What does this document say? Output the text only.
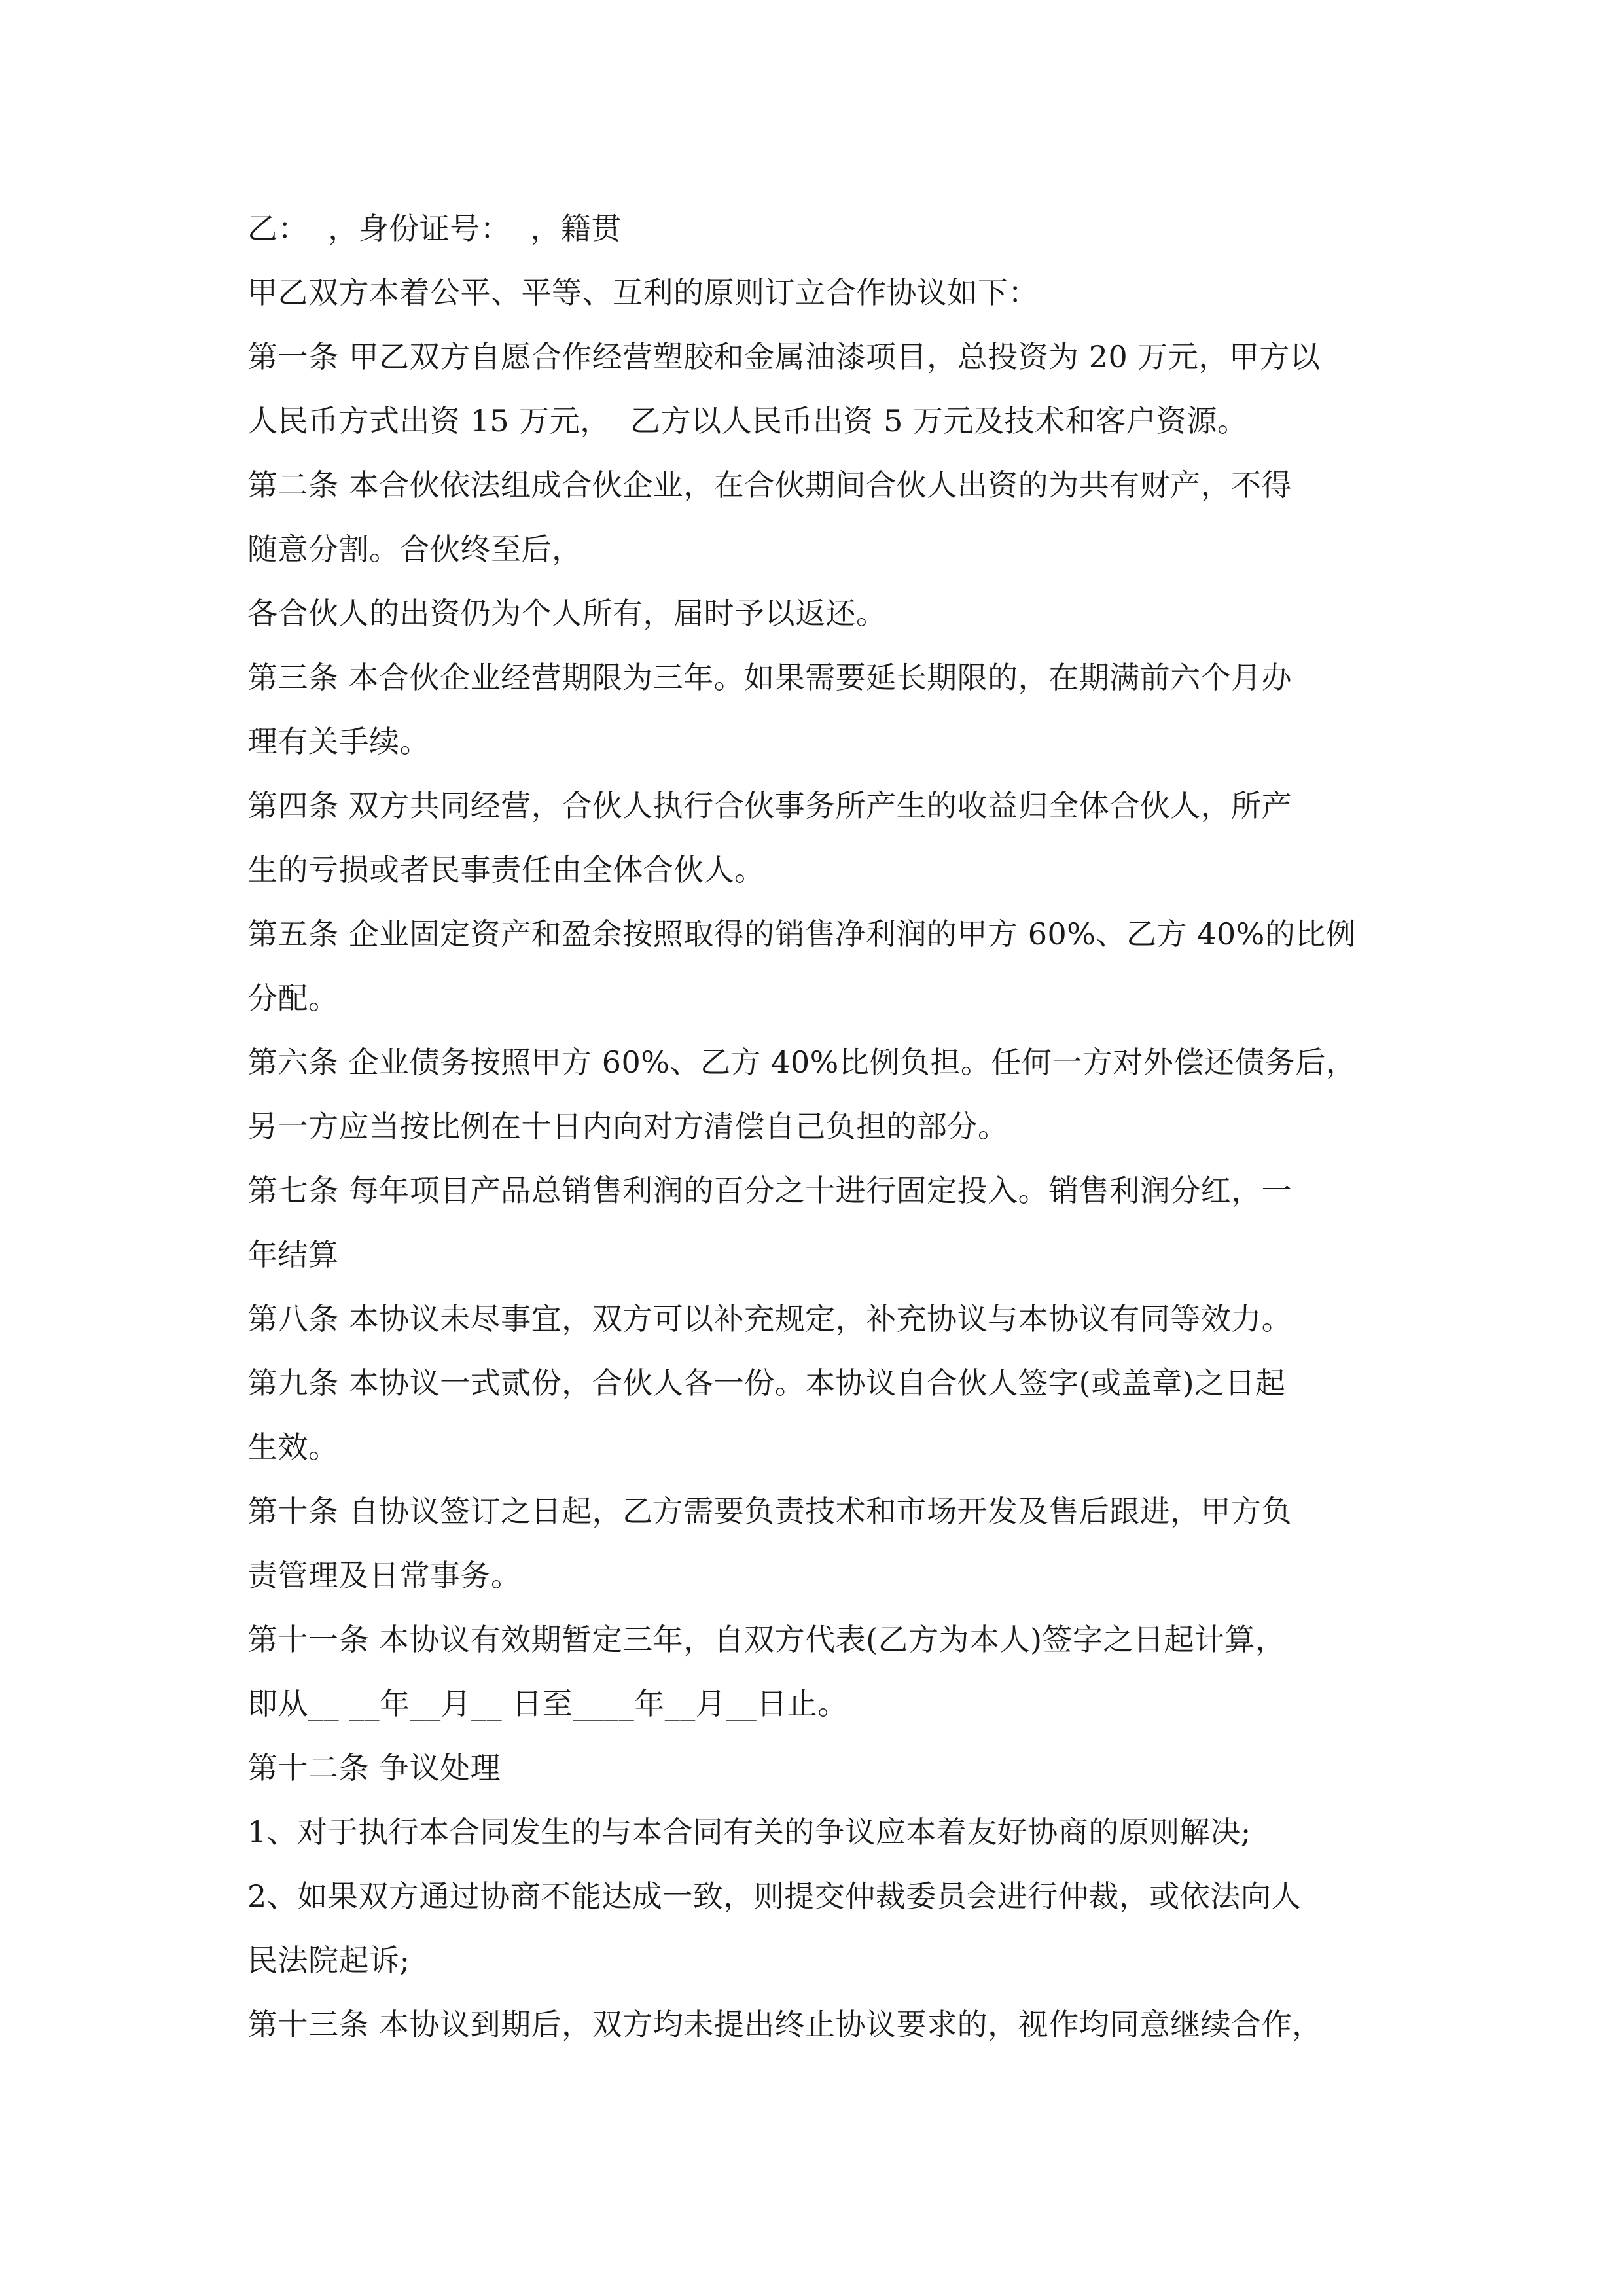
乙：  ，身份证号：  ，籍贯
甲乙双方本着公平、平等、互利的原则订立合作协议如下：
第一条 甲乙双方自愿合作经营塑胶和金属油漆项目，总投资为 20 万元，甲方以
人民币方式出资 15 万元，  乙方以人民币出资 5 万元及技术和客户资源。
第二条 本合伙依法组成合伙企业，在合伙期间合伙人出资的为共有财产，不得
随意分割。合伙终至后，
各合伙人的出资仍为个人所有，届时予以返还。
第三条 本合伙企业经营期限为三年。如果需要延长期限的，在期满前六个月办
理有关手续。
第四条 双方共同经营，合伙人执行合伙事务所产生的收益归全体合伙人，所产
生的亏损或者民事责任由全体合伙人。
第五条 企业固定资产和盈余按照取得的销售净利润的甲方 60%、乙方 40%的比例
分配。
第六条 企业债务按照甲方 60%、乙方 40%比例负担。任何一方对外偿还债务后，
另一方应当按比例在十日内向对方清偿自己负担的部分。
第七条 每年项目产品总销售利润的百分之十进行固定投入。销售利润分红，一
年结算
第八条 本协议未尽事宜，双方可以补充规定，补充协议与本协议有同等效力。
第九条 本协议一式贰份，合伙人各一份。本协议自合伙人签字(或盖章)之日起
生效。
第十条 自协议签订之日起，乙方需要负责技术和市场开发及售后跟进，甲方负
责管理及日常事务。
第十一条 本协议有效期暂定三年，自双方代表(乙方为本人)签字之日起计算，
即从__ __年__月__ 日至____年__月__日止。
第十二条 争议处理
1、对于执行本合同发生的与本合同有关的争议应本着友好协商的原则解决;
2、如果双方通过协商不能达成一致，则提交仲裁委员会进行仲裁，或依法向人
民法院起诉;
第十三条 本协议到期后，双方均未提出终止协议要求的，视作均同意继续合作，
